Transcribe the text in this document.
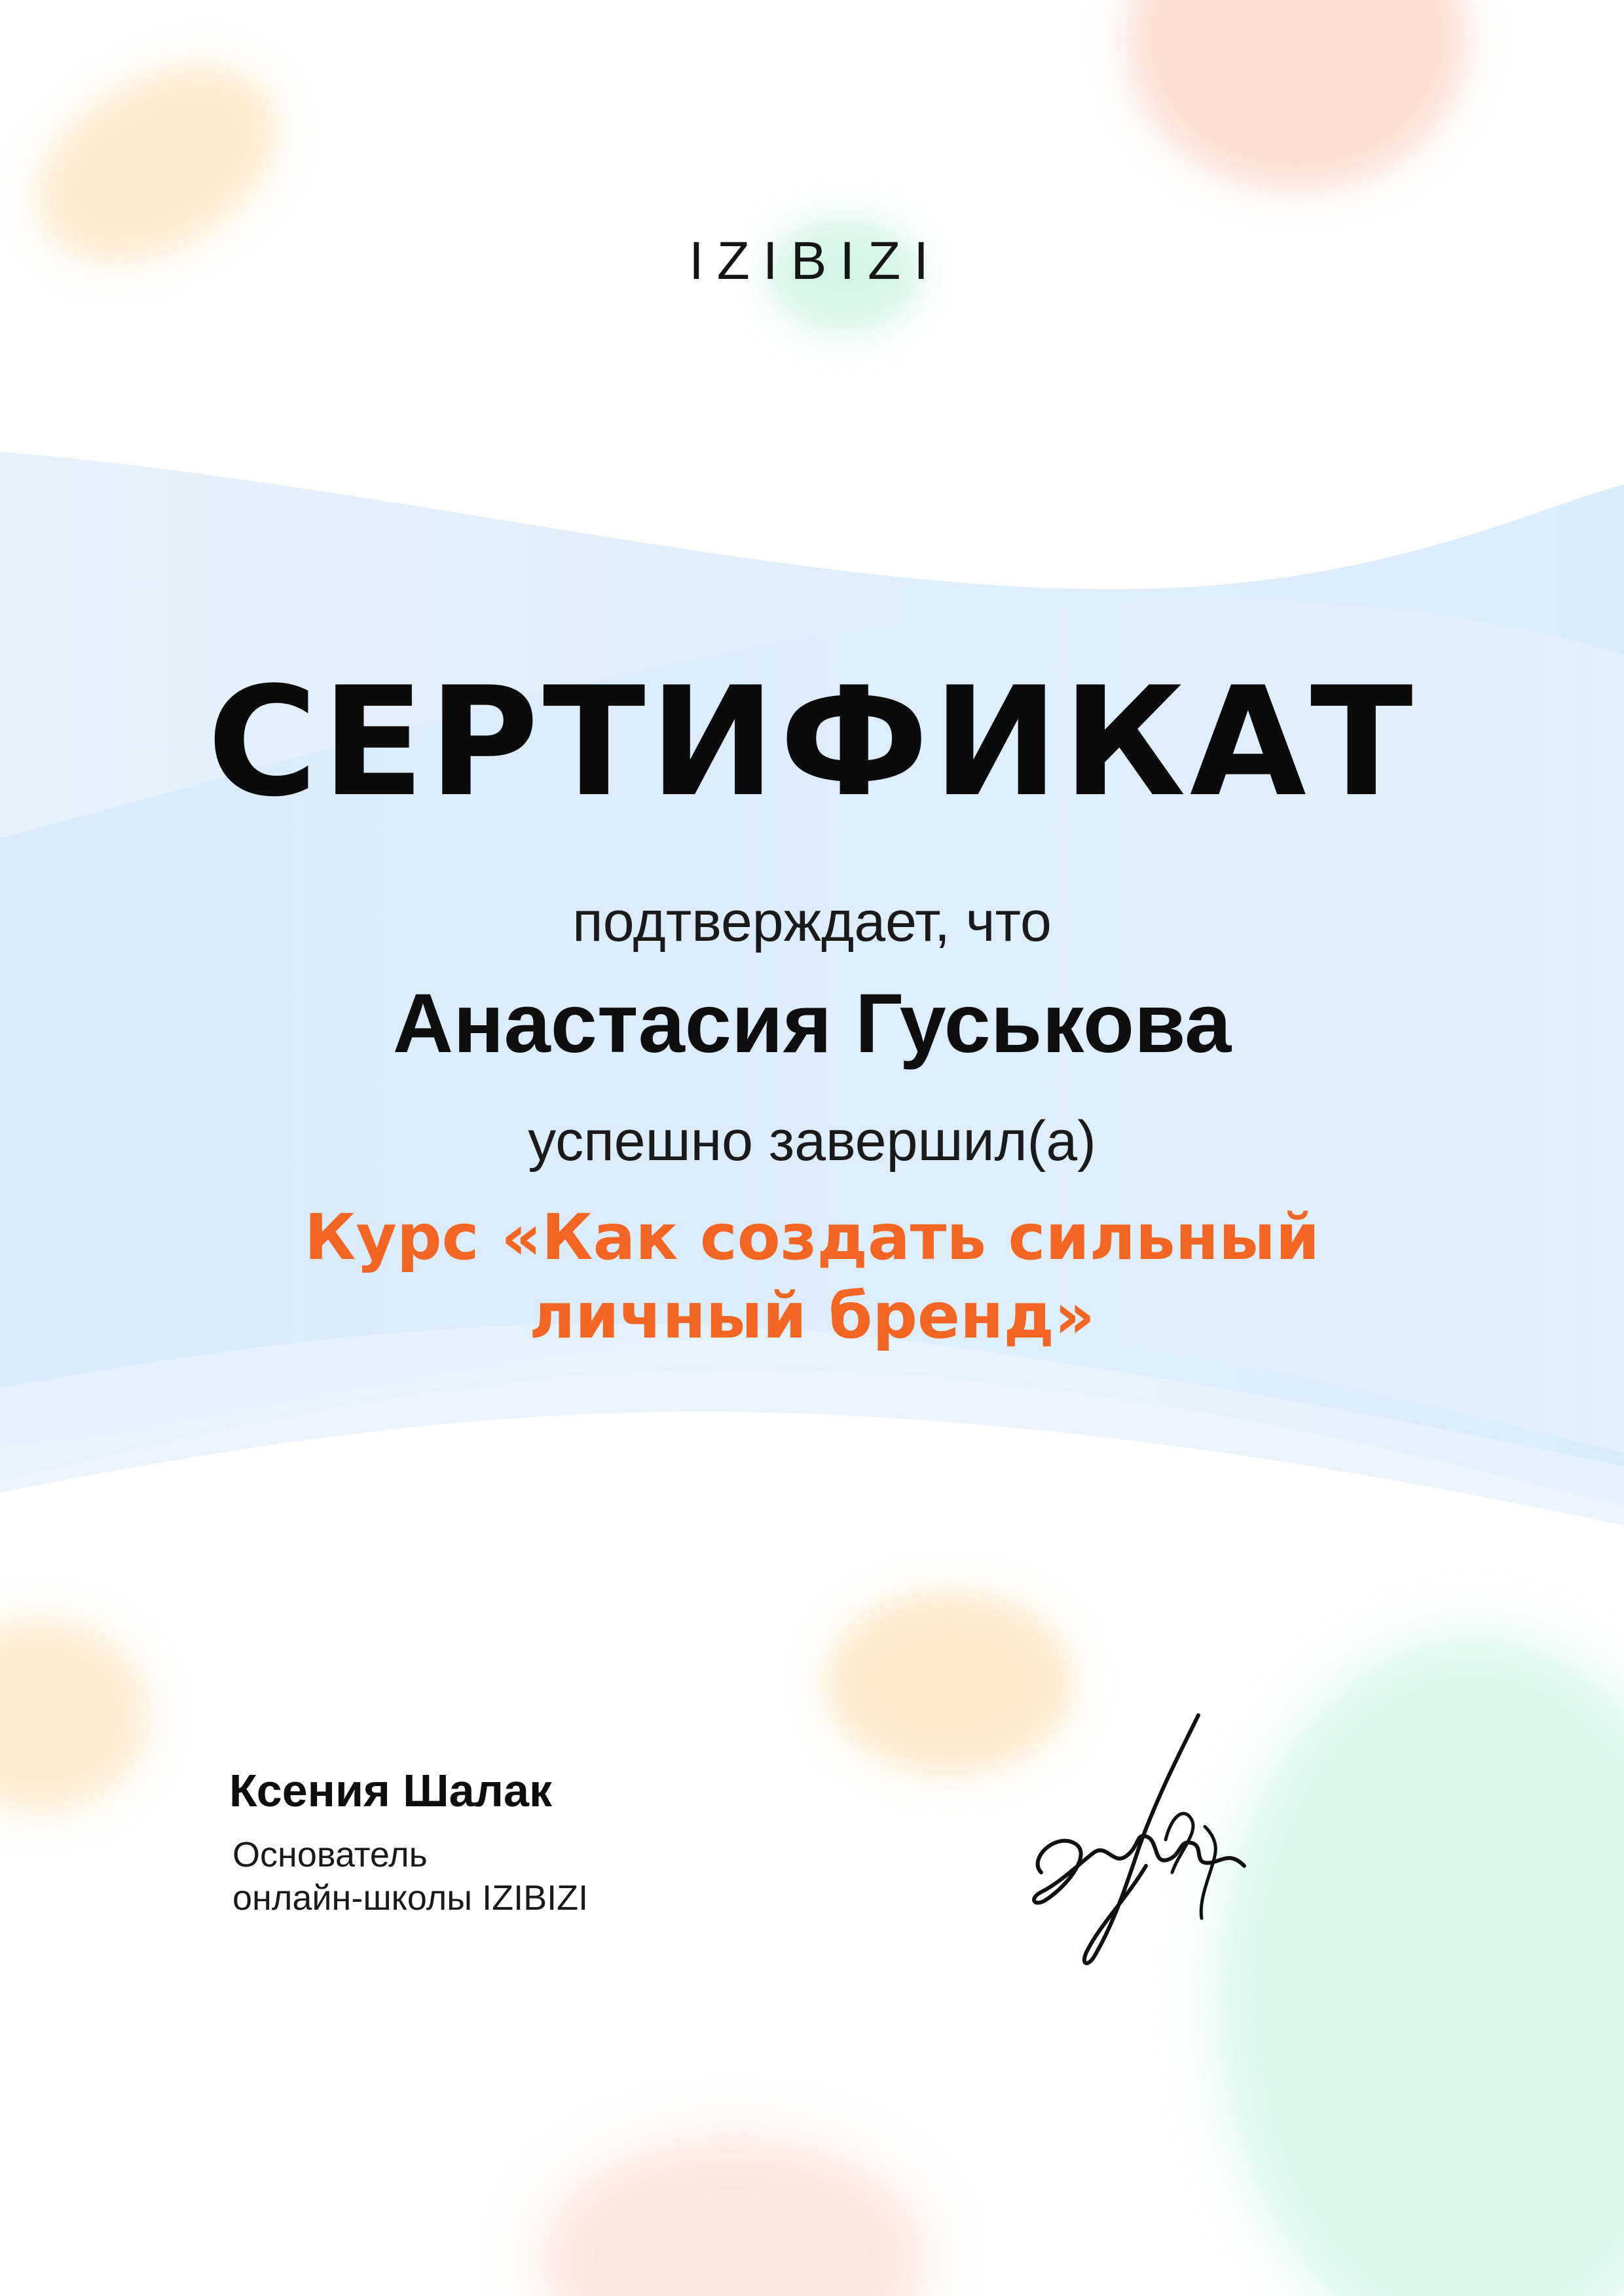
IZIBIZI
СЕРТИФИКАТ
подтверждает, что
Анастасия Гуськова
успешно завершил(а)
Курс «Как создать сильный
личный бренд»
Ксения Шалак
Основатель
онлайн-школы IZIBIZI
